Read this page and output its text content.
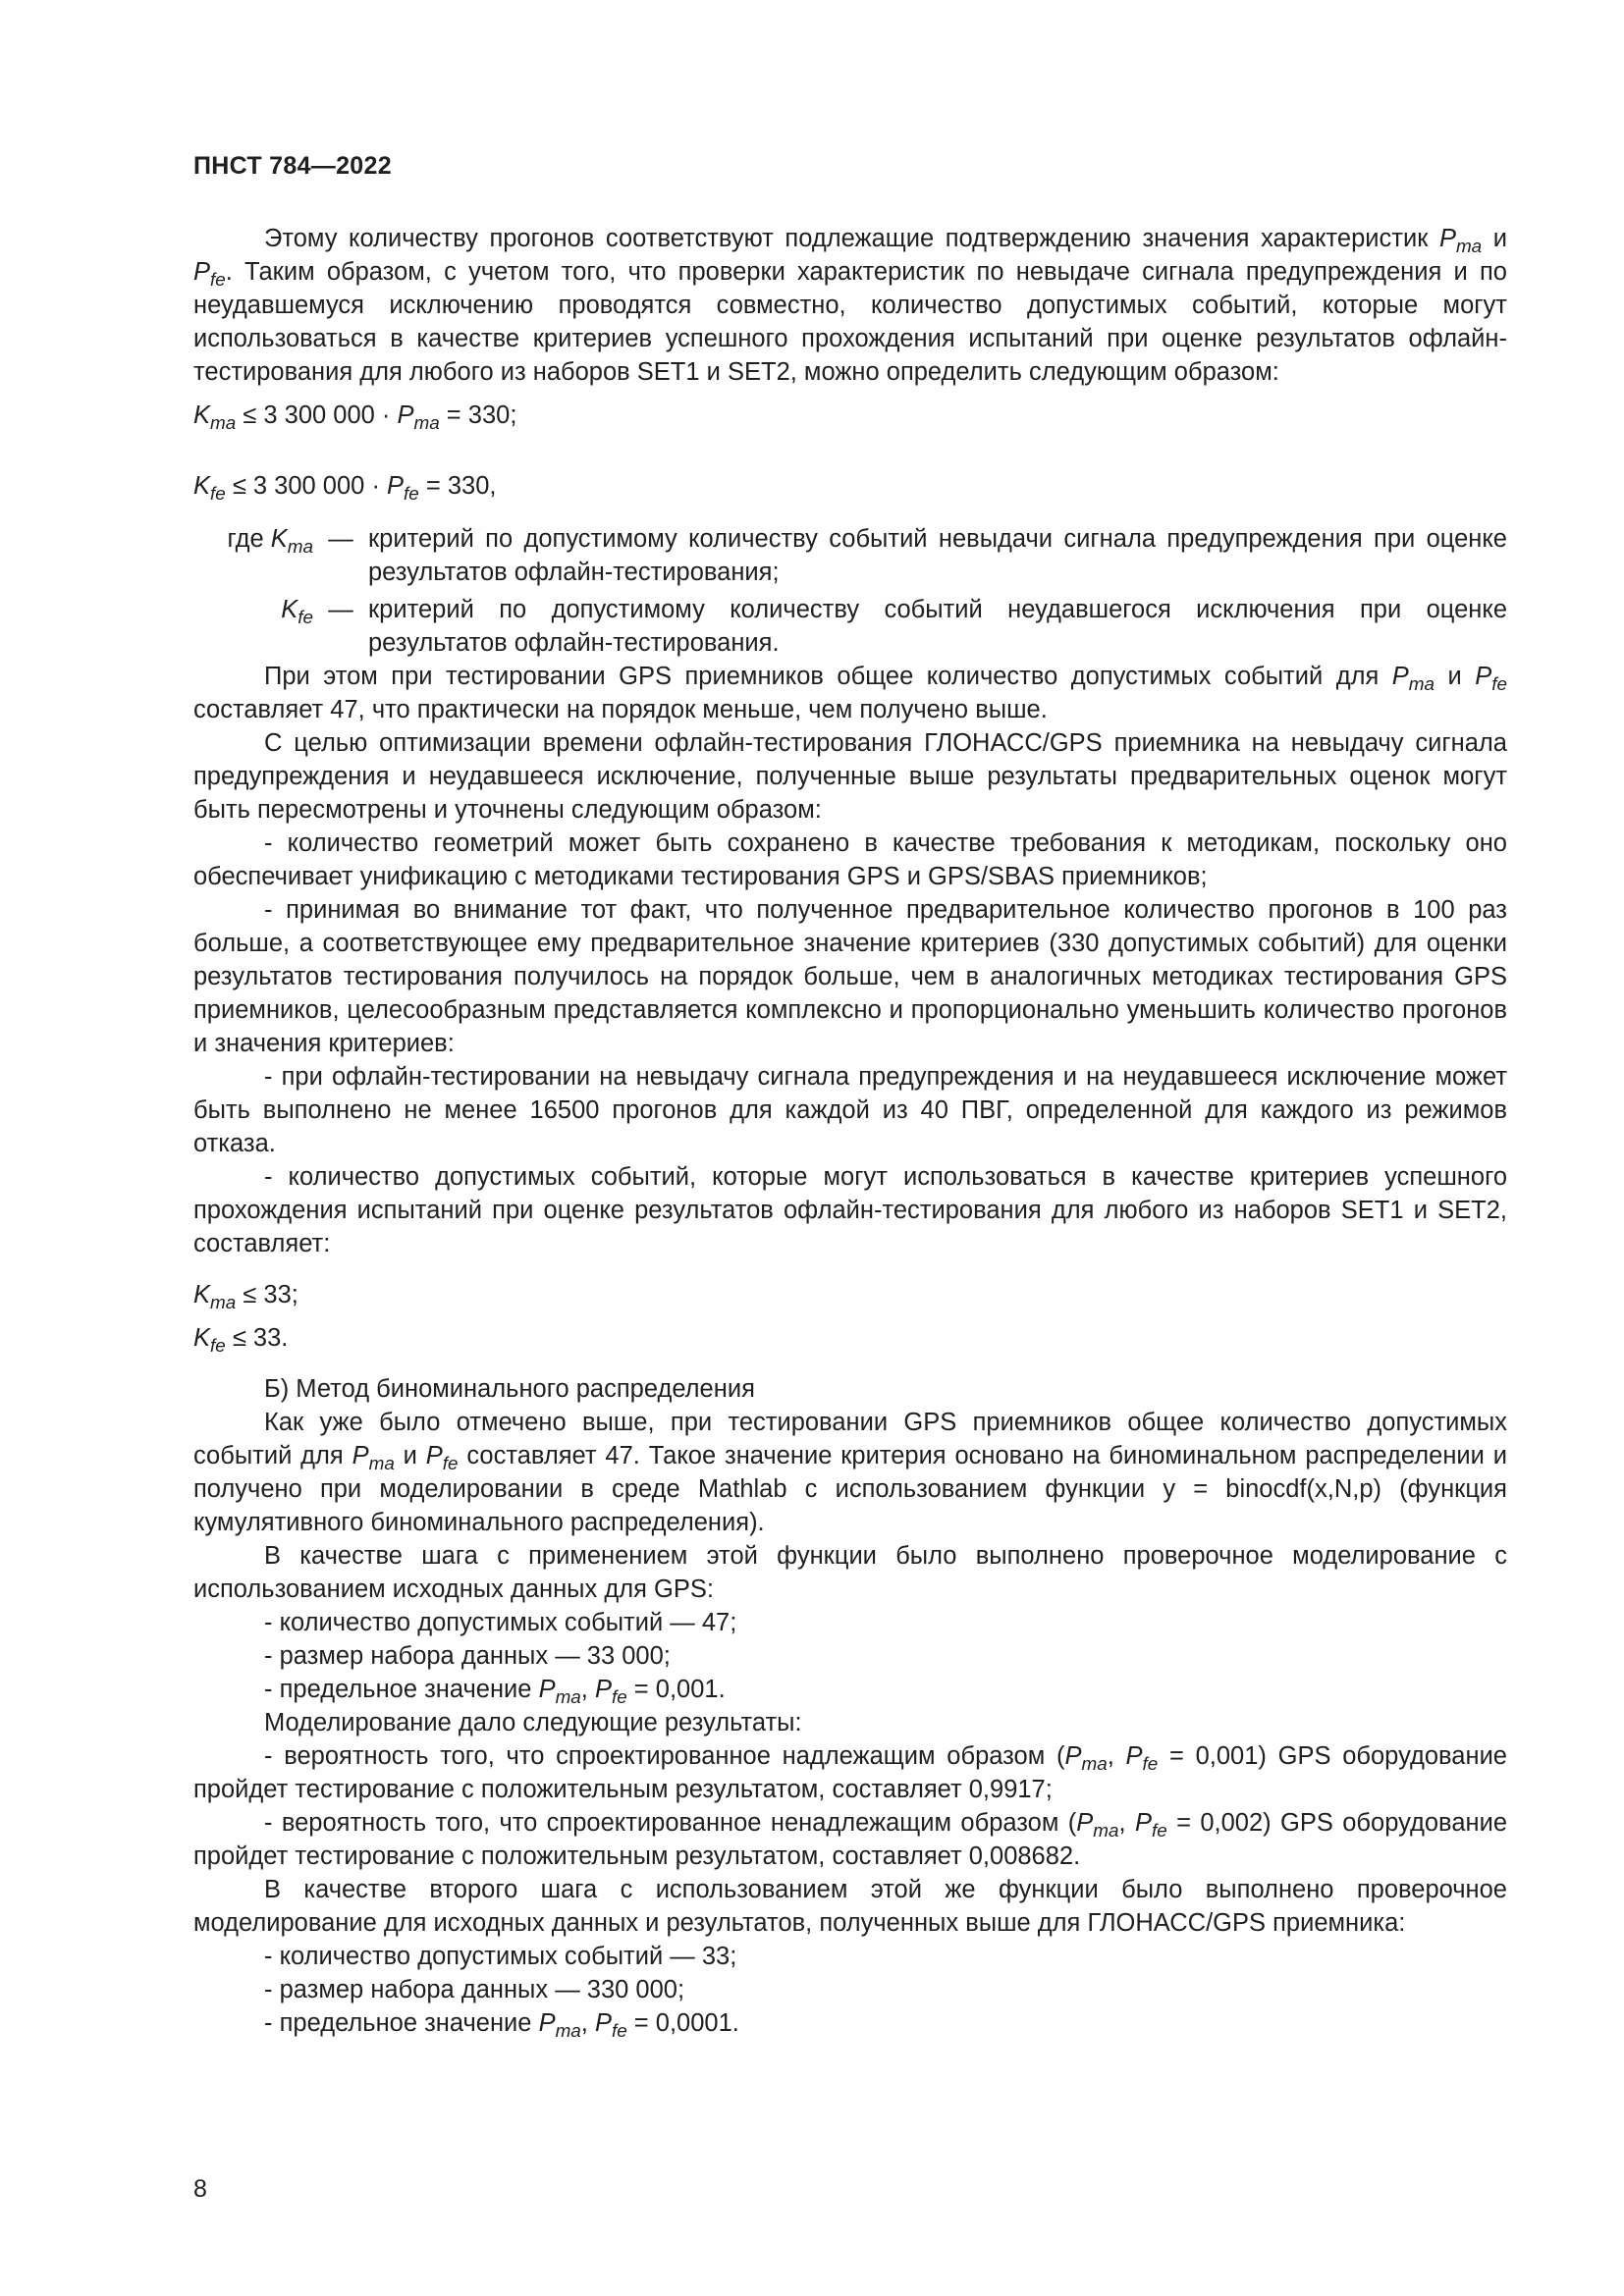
ПНСТ 784—2022

Этому количеству прогонов соответствуют подлежащие подтверждению значения характеристик $P_{ma}$ и $P_{fe}$. Таким образом, с учетом того, что проверки характеристик по невыдаче сигнала предупреждения и по неудавшемуся исключению проводятся совместно, количество допустимых событий, которые могут использоваться в качестве критериев успешного прохождения испытаний при оценке результатов офлайн-тестирования для любого из наборов SET1 и SET2, можно определить следующим образом:

$K_{ma} \le 3$ 300 $000 \cdot P_{ma} = 330$;

$K_{fe} \le 3$ 300 $000 \cdot P_{fe} = 330$,

где $K_{ma}$ — критерий по допустимому количеству событий невыдачи сигнала предупреждения при оценке результатов офлайн-тестирования;
$K_{fe}$ — критерий по допустимому количеству событий неудавшегося исключения при оценке результатов офлайн-тестирования.

При этом при тестировании GPS приемников общее количество допустимых событий для $P_{ma}$ и $P_{fe}$ составляет 47, что практически на порядок меньше, чем получено выше.

С целью оптимизации времени офлайн-тестирования ГЛОНАСС/GPS приемника на невыдачу сигнала предупреждения и неудавшееся исключение, полученные выше результаты предварительных оценок могут быть пересмотрены и уточнены следующим образом:

- количество геометрий может быть сохранено в качестве требования к методикам, поскольку оно обеспечивает унификацию с методиками тестирования GPS и GPS/SBAS приемников;

- принимая во внимание тот факт, что полученное предварительное количество прогонов в 100 раз больше, а соответствующее ему предварительное значение критериев (330 допустимых событий) для оценки результатов тестирования получилось на порядок больше, чем в аналогичных методиках тестирования GPS приемников, целесообразным представляется комплексно и пропорционально уменьшить количество прогонов и значения критериев:

- при офлайн-тестировании на невыдачу сигнала предупреждения и на неудавшееся исключение может быть выполнено не менее 16500 прогонов для каждой из 40 ПВГ, определенной для каждого из режимов отказа.

- количество допустимых событий, которые могут использоваться в качестве критериев успешного прохождения испытаний при оценке результатов офлайн-тестирования для любого из наборов SET1 и SET2, составляет:

$K_{ma} \le 33$;

$K_{fe} \le 33$.

Б) Метод биноминального распределения

Как уже было отмечено выше, при тестировании GPS приемников общее количество допустимых событий для $P_{ma}$ и $P_{fe}$ составляет 47. Такое значение критерия основано на биноминальном распределении и получено при моделировании в среде Mathlab с использованием функции y = binocdf(x,N,p) (функция кумулятивного биноминального распределения).

В качестве шага с применением этой функции было выполнено проверочное моделирование с использованием исходных данных для GPS:

- количество допустимых событий — 47;

- размер набора данных — 33 000;

- предельное значение $P_{ma}$, $P_{fe} = 0,001$.

Моделирование дало следующие результаты:

- вероятность того, что спроектированное надлежащим образом ($P_{ma}$, $P_{fe} = 0,001$) GPS оборудование пройдет тестирование с положительным результатом, составляет 0,9917;

- вероятность того, что спроектированное ненадлежащим образом ($P_{ma}$, $P_{fe} = 0,002$) GPS оборудование пройдет тестирование с положительным результатом, составляет 0,008682.

В качестве второго шага с использованием этой же функции было выполнено проверочное моделирование для исходных данных и результатов, полученных выше для ГЛОНАСС/GPS приемника:

- количество допустимых событий — 33;

- размер набора данных — 330 000;

- предельное значение $P_{ma}$, $P_{fe} = 0,0001$.

8
